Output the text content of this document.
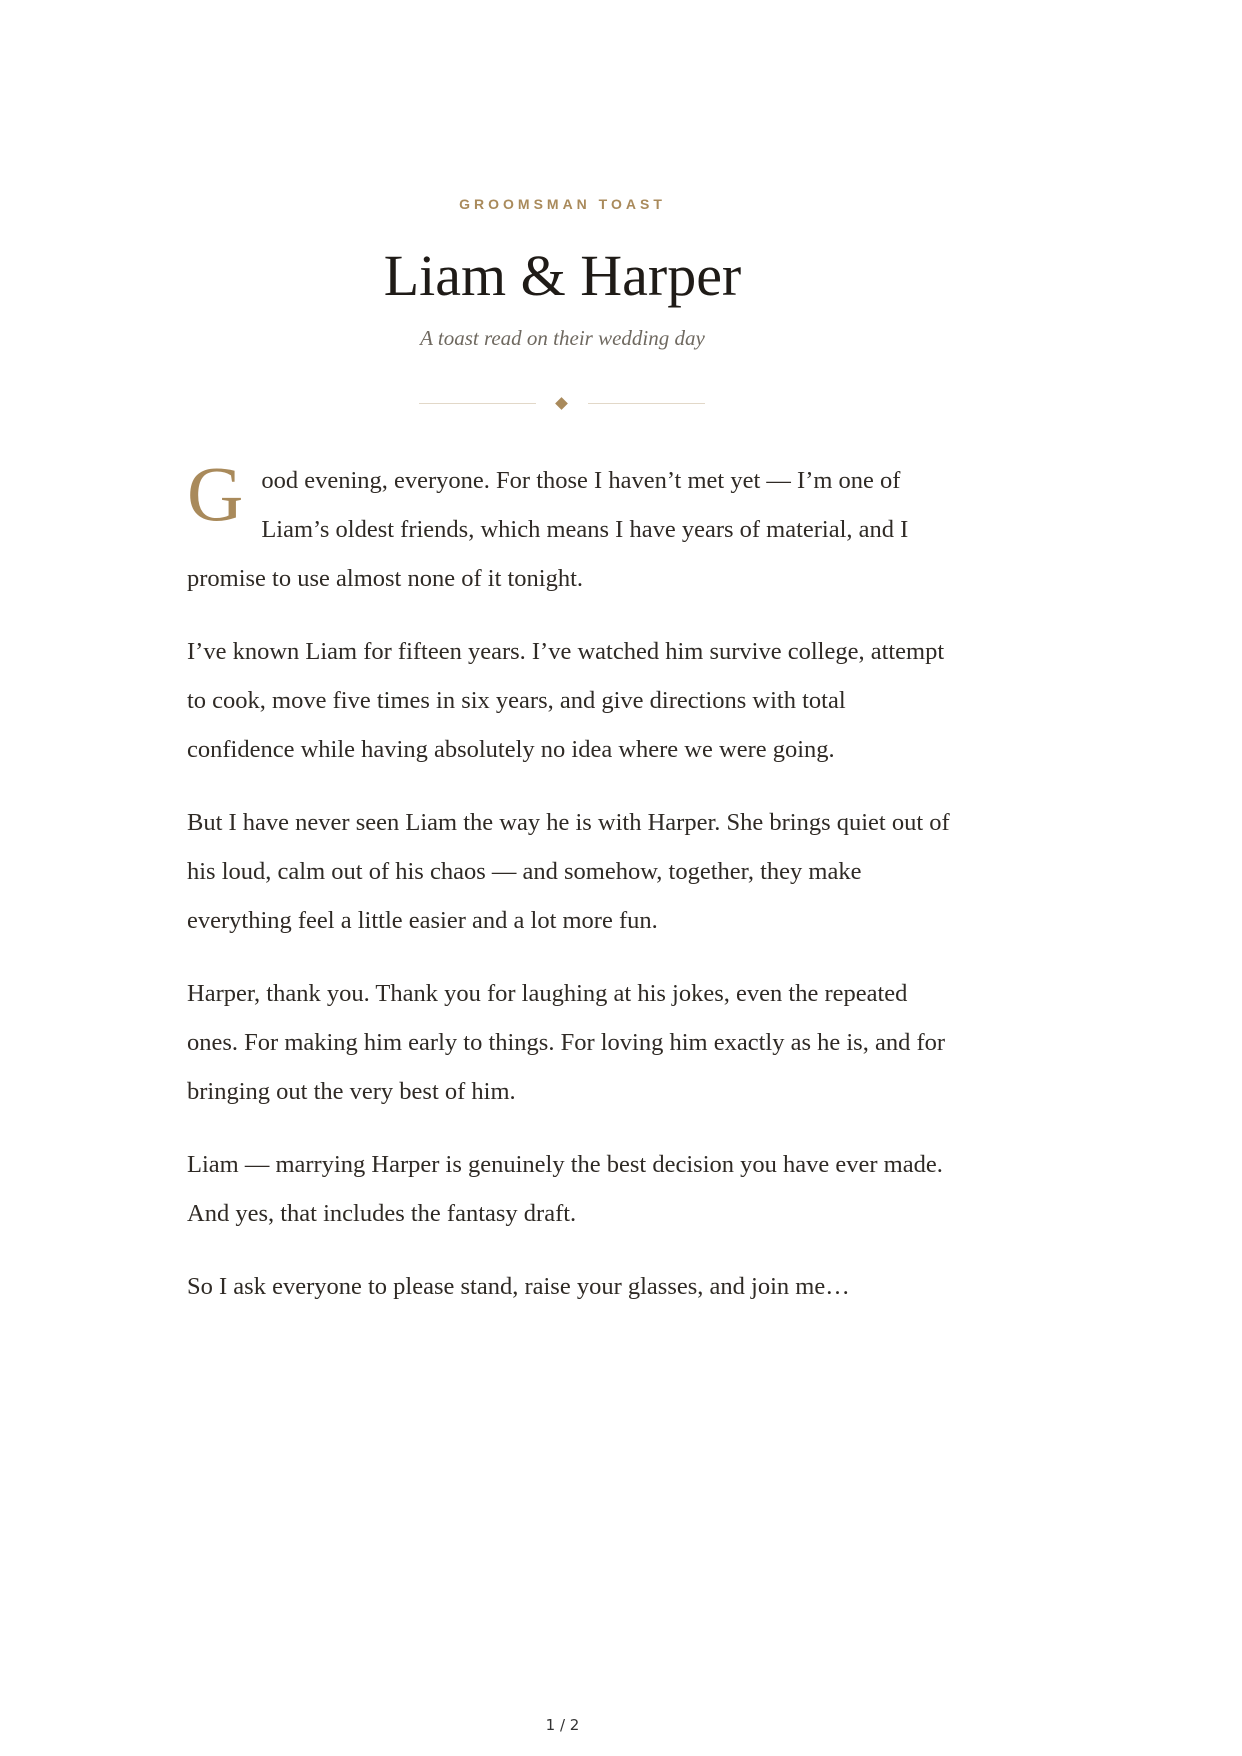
GROOMSMAN TOAST
Liam & Harper
A toast read on their wedding day

Good evening, everyone. For those I haven’t met yet — I’m one of Liam’s oldest friends, which means I have years of material, and I promise to use almost none of it tonight.

I’ve known Liam for fifteen years. I’ve watched him survive college, attempt to cook, move five times in six years, and give directions with total confidence while having absolutely no idea where we were going.

But I have never seen Liam the way he is with Harper. She brings quiet out of his loud, calm out of his chaos — and somehow, together, they make everything feel a little easier and a lot more fun.

Harper, thank you. Thank you for laughing at his jokes, even the repeated ones. For making him early to things. For loving him exactly as he is, and for bringing out the very best of him.

Liam — marrying Harper is genuinely the best decision you have ever made. And yes, that includes the fantasy draft.

So I ask everyone to please stand, raise your glasses, and join me…

1 / 2
